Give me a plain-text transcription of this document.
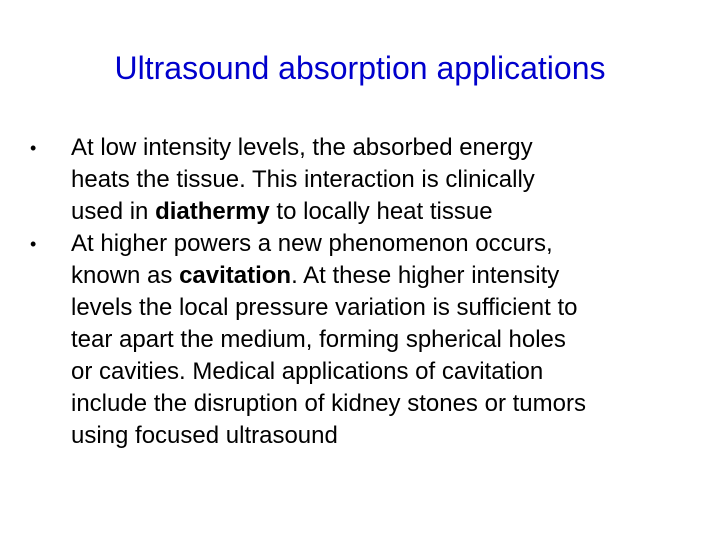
Ultrasound absorption applications
•	At low intensity levels, the absorbed energy
heats the tissue. This interaction is clinically
used in diathermy to locally heat tissue
•	At higher powers a new phenomenon occurs,
known as cavitation. At these higher intensity
levels the local pressure variation is sufficient to
tear apart the medium, forming spherical holes
or cavities. Medical applications of cavitation
include the disruption of kidney stones or tumors
using focused ultrasound
